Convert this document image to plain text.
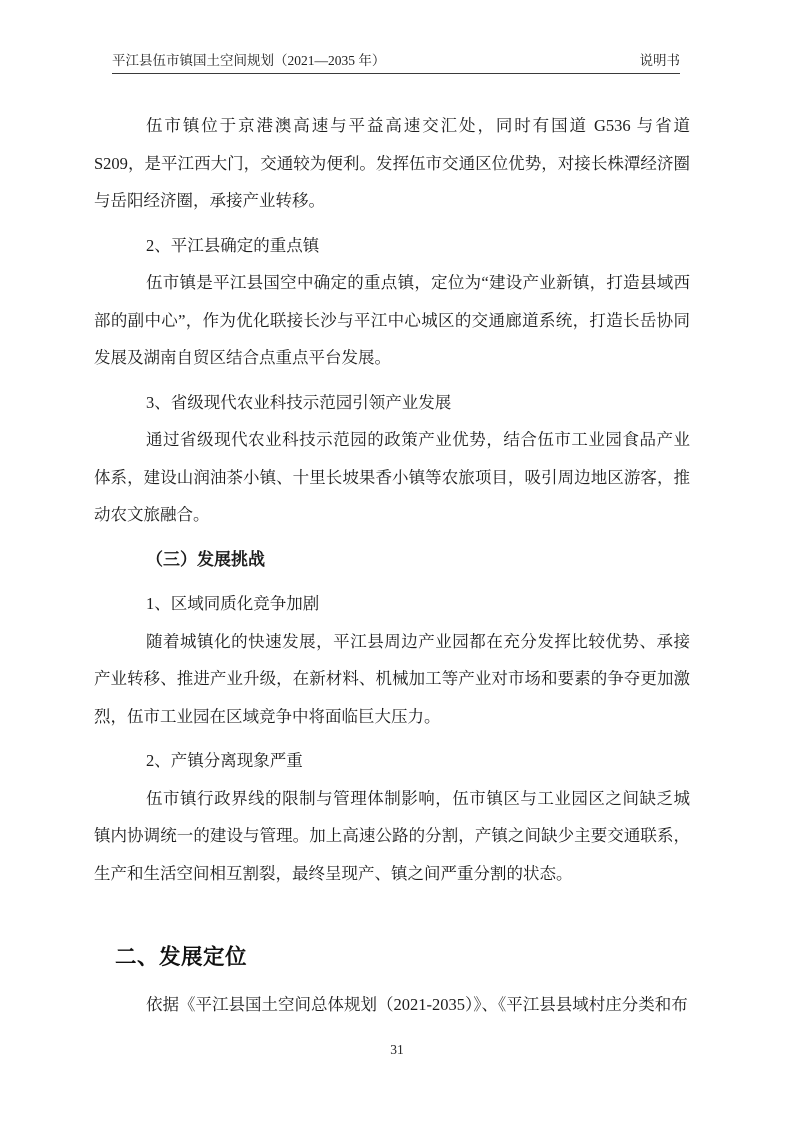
平江县伍市镇国土空间规划（2021—2035 年）	说明书

伍市镇位于京港澳高速与平益高速交汇处，同时有国道 G536 与省道 S209，是平江西大门，交通较为便利。发挥伍市交通区位优势，对接长株潭经济圈与岳阳经济圈，承接产业转移。

2、平江县确定的重点镇

伍市镇是平江县国空中确定的重点镇，定位为“建设产业新镇，打造县域西部的副中心”，作为优化联接长沙与平江中心城区的交通廊道系统，打造长岳协同发展及湖南自贸区结合点重点平台发展。

3、省级现代农业科技示范园引领产业发展

通过省级现代农业科技示范园的政策产业优势，结合伍市工业园食品产业体系，建设山润油茶小镇、十里长坡果香小镇等农旅项目，吸引周边地区游客，推动农文旅融合。

（三）发展挑战

1、区域同质化竞争加剧

随着城镇化的快速发展，平江县周边产业园都在充分发挥比较优势、承接产业转移、推进产业升级，在新材料、机械加工等产业对市场和要素的争夺更加激烈，伍市工业园在区域竞争中将面临巨大压力。

2、产镇分离现象严重

伍市镇行政界线的限制与管理体制影响，伍市镇区与工业园区之间缺乏城镇内协调统一的建设与管理。加上高速公路的分割，产镇之间缺少主要交通联系，生产和生活空间相互割裂，最终呈现产、镇之间严重分割的状态。

二、发展定位

依据《平江县国土空间总体规划（2021-2035）》、《平江县县域村庄分类和布

31
